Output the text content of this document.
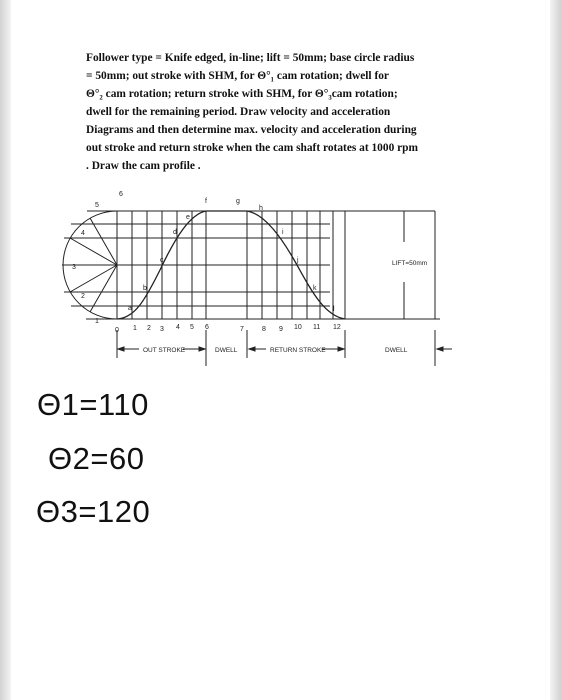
Follower type = Knife edged, in-line; lift = 50mm; base circle radius
= 50mm; out stroke with SHM, for Θ°₁ cam rotation; dwell for
Θ°₂ cam rotation; return stroke with SHM, for Θ°₃cam rotation;
dwell for the remaining period. Draw velocity and acceleration
Diagrams and then determine max. velocity and acceleration during
out stroke and return stroke when the cam shaft rotates at 1000 rpm
. Draw the cam profile .
1
2
3
4
5
6
0 1 2 3 4 5 6	7	8 9 10 11 12
a
b
c
d
e
f	g
h
i
j
k
l
LIFT=50mm
OUT STROKE	DWELL	RETURN STROKE	DWELL
Θ1=110
Θ2=60
Θ3=120
